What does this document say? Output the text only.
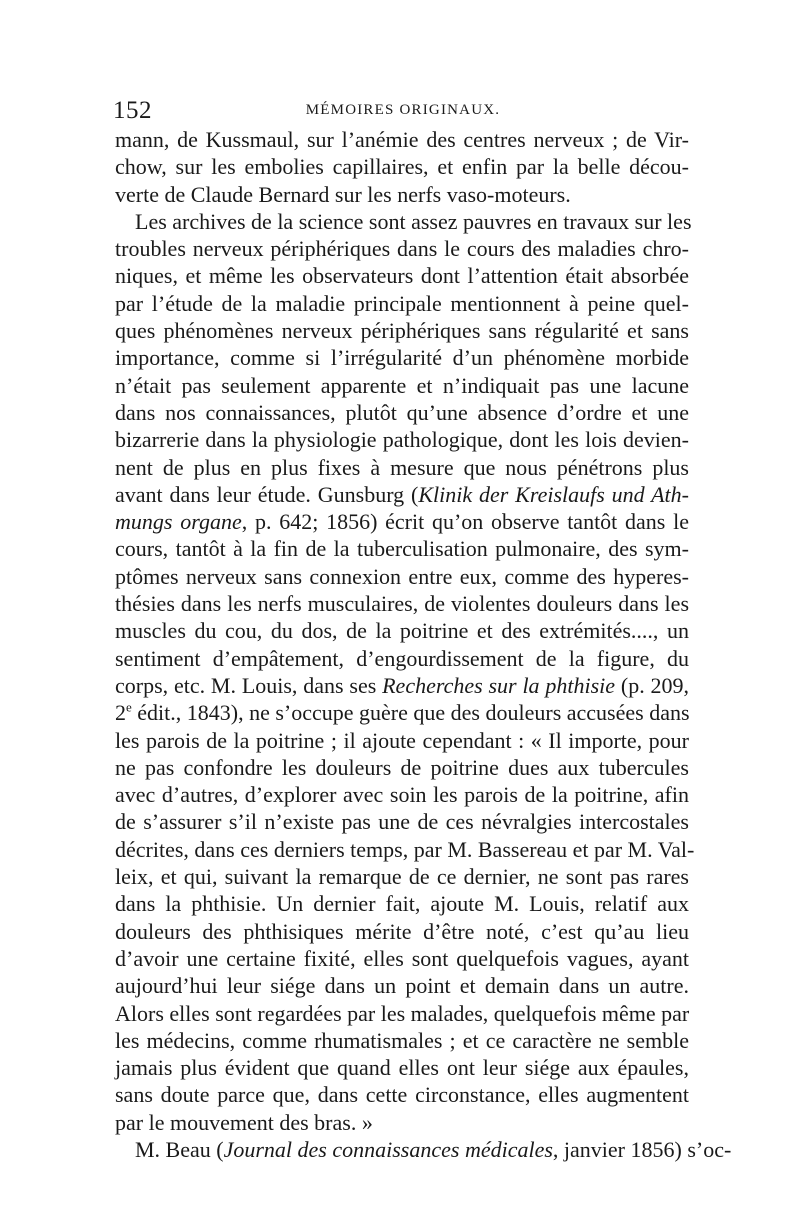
152	MÉMOIRES ORIGINAUX.
mann, de Kussmaul, sur l’anémie des centres nerveux ; de Vir-
chow, sur les embolies capillaires, et enfin par la belle décou-
verte de Claude Bernard sur les nerfs vaso-moteurs.
Les archives de la science sont assez pauvres en travaux sur les
troubles nerveux périphériques dans le cours des maladies chro-
niques, et même les observateurs dont l’attention était absorbée
par l’étude de la maladie principale mentionnent à peine quel-
ques phénomènes nerveux périphériques sans régularité et sans
importance, comme si l’irrégularité d’un phénomène morbide
n’était pas seulement apparente et n’indiquait pas une lacune
dans nos connaissances, plutôt qu’une absence d’ordre et une
bizarrerie dans la physiologie pathologique, dont les lois devien-
nent de plus en plus fixes à mesure que nous pénétrons plus
avant dans leur étude. Gunsburg (Klinik der Kreislaufs und Ath-
mungs organe, p. 642; 1856) écrit qu’on observe tantôt dans le
cours, tantôt à la fin de la tuberculisation pulmonaire, des sym-
ptômes nerveux sans connexion entre eux, comme des hyperes-
thésies dans les nerfs musculaires, de violentes douleurs dans les
muscles du cou, du dos, de la poitrine et des extrémités...., un
sentiment d’empâtement, d’engourdissement de la figure, du
corps, etc. M. Louis, dans ses Recherches sur la phthisie (p. 209,
2e édit., 1843), ne s’occupe guère que des douleurs accusées dans
les parois de la poitrine ; il ajoute cependant : « Il importe, pour
ne pas confondre les douleurs de poitrine dues aux tubercules
avec d’autres, d’explorer avec soin les parois de la poitrine, afin
de s’assurer s’il n’existe pas une de ces névralgies intercostales
décrites, dans ces derniers temps, par M. Bassereau et par M. Val-
leix, et qui, suivant la remarque de ce dernier, ne sont pas rares
dans la phthisie. Un dernier fait, ajoute M. Louis, relatif aux
douleurs des phthisiques mérite d’être noté, c’est qu’au lieu
d’avoir une certaine fixité, elles sont quelquefois vagues, ayant
aujourd’hui leur siége dans un point et demain dans un autre.
Alors elles sont regardées par les malades, quelquefois même par
les médecins, comme rhumatismales ; et ce caractère ne semble
jamais plus évident que quand elles ont leur siége aux épaules,
sans doute parce que, dans cette circonstance, elles augmentent
par le mouvement des bras. »
M. Beau (Journal des connaissances médicales, janvier 1856) s’oc-
